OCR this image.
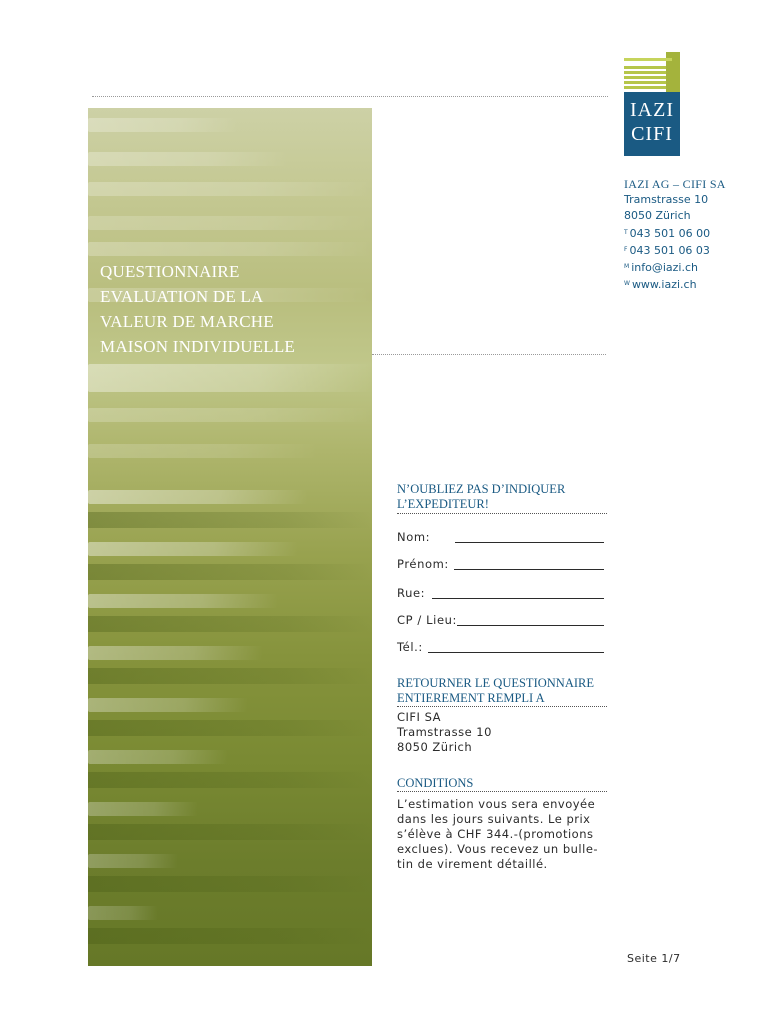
QUESTIONNAIRE
EVALUATION DE LA
VALEUR DE MARCHE
MAISON INDIVIDUELLE
IAZI
CIFI
IAZI AG – CIFI SA
Tramstrasse 10
8050 Zürich
$^T$ 043 501 06 00
$^F$ 043 501 06 03
$^M$ info@iazi.ch
$^W$ www.iazi.ch
N’OUBLIEZ PAS D’INDIQUER
L’EXPEDITEUR!
Nom:
Prénom:
Rue:
CP / Lieu:
Tél.:
RETOURNER LE QUESTIONNAIRE
ENTIEREMENT REMPLI A
CIFI SA
Tramstrasse 10
8050 Zürich
CONDITIONS
L’estimation vous sera envoyée
dans les jours suivants. Le prix
s’élève à CHF 344.-(promotions
exclues). Vous recevez un bulle-
tin de virement détaillé.
Seite 1/7
